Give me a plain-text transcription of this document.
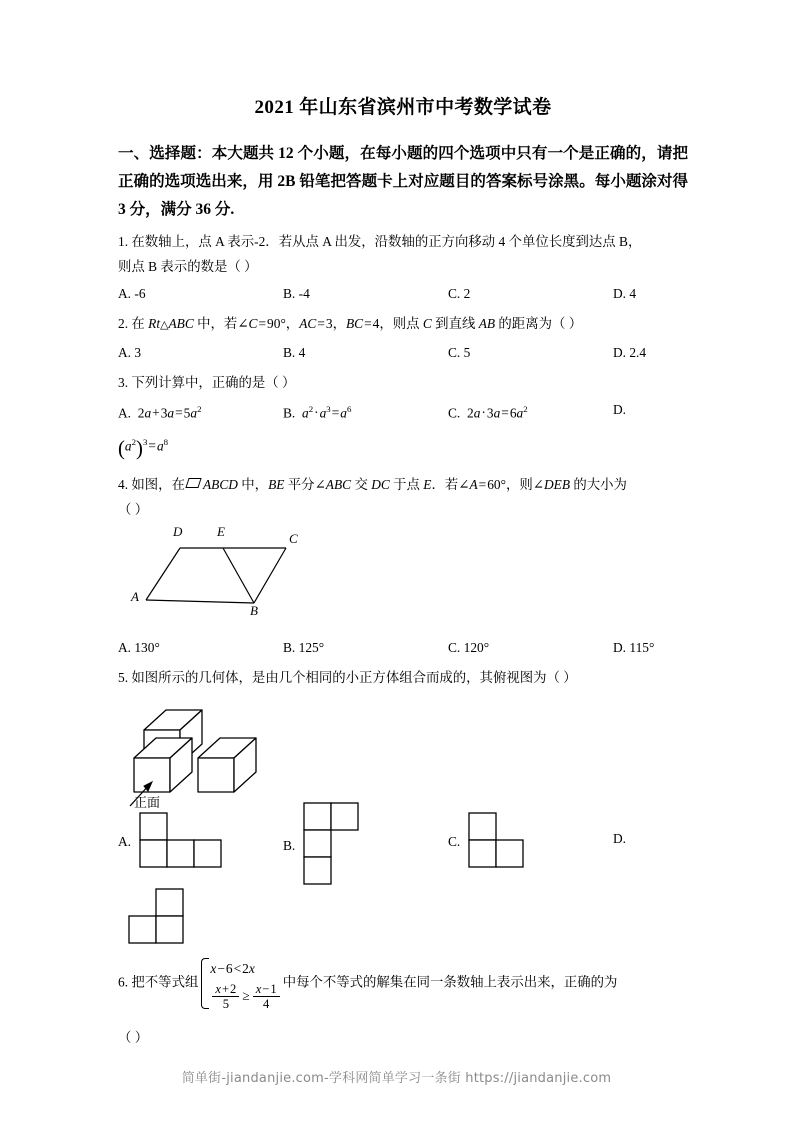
2021 年山东省滨州市中考数学试卷
一、选择题：本大题共 12 个小题，在每小题的四个选项中只有一个是正确的，请把正确的选项选出来，用 2B 铅笔把答题卡上对应题目的答案标号涂黑。每小题涂对得 3 分，满分 36 分.
1. 在数轴上，点 A 表示-2．若从点 A 出发，沿数轴的正方向移动 4 个单位长度到达点 B，
则点 B 表示的数是（ ）
A. -6	B. -4	C. 2	D. 4
2. 在 Rt△ABC 中，若∠C=90°，AC=3，BC=4，则点 C 到直线 AB 的距离为（ ）
A. 3	B. 4	C. 5	D. 2.4
3. 下列计算中，正确的是（ ）
A. $2a+3a=5a^2$	B. $a^2\cdot a^3=a^6$	C. $2a\cdot 3a=6a^2$	D.
$(a^2)^3=a^8$
4. 如图，在 ABCD 中，BE 平分∠ABC 交 DC 于点 E．若∠A=60°，则∠DEB 的大小为
（ ）
D	E	C
A
B
A. 130°	B. 125°	C. 120°	D. 115°
5. 如图所示的几何体，是由几个相同的小正方体组合而成的，其俯视图为（ ）
正面
A.	B.	C.	D.
6. 把不等式组
x−6<2x
$\frac{x+2}{5} \ge \frac{x-1}{4}$ 中每个不等式的解集在同一条数轴上表示出来，正确的为
（ ）
简单街-jiandanjie.com-学科网简单学习一条街 https://jiandanjie.com
